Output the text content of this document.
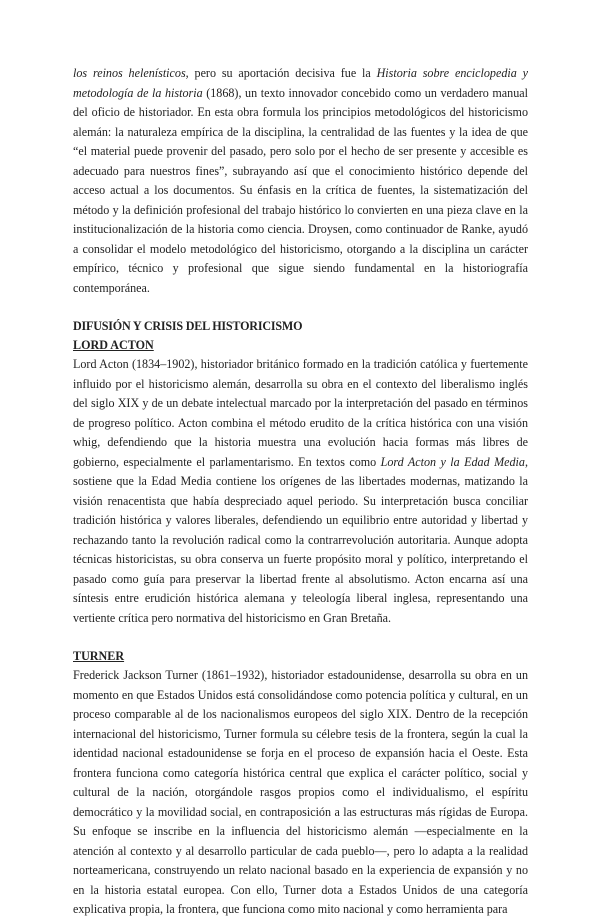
los reinos helenísticos, pero su aportación decisiva fue la Historia sobre enciclopedia y metodología de la historia (1868), un texto innovador concebido como un verdadero manual del oficio de historiador. En esta obra formula los principios metodológicos del historicismo alemán: la naturaleza empírica de la disciplina, la centralidad de las fuentes y la idea de que “el material puede provenir del pasado, pero solo por el hecho de ser presente y accesible es adecuado para nuestros fines”, subrayando así que el conocimiento histórico depende del acceso actual a los documentos. Su énfasis en la crítica de fuentes, la sistematización del método y la definición profesional del trabajo histórico lo convierten en una pieza clave en la institucionalización de la historia como ciencia. Droysen, como continuador de Ranke, ayudó a consolidar el modelo metodológico del historicismo, otorgando a la disciplina un carácter empírico, técnico y profesional que sigue siendo fundamental en la historiografía contemporánea.

DIFUSIÓN Y CRISIS DEL HISTORICISMO
LORD ACTON

Lord Acton (1834–1902), historiador británico formado en la tradición católica y fuertemente influido por el historicismo alemán, desarrolla su obra en el contexto del liberalismo inglés del siglo XIX y de un debate intelectual marcado por la interpretación del pasado en términos de progreso político. Acton combina el método erudito de la crítica histórica con una visión whig, defendiendo que la historia muestra una evolución hacia formas más libres de gobierno, especialmente el parlamentarismo. En textos como Lord Acton y la Edad Media, sostiene que la Edad Media contiene los orígenes de las libertades modernas, matizando la visión renacentista que había despreciado aquel periodo. Su interpretación busca conciliar tradición histórica y valores liberales, defendiendo un equilibrio entre autoridad y libertad y rechazando tanto la revolución radical como la contrarrevolución autoritaria. Aunque adopta técnicas historicistas, su obra conserva un fuerte propósito moral y político, interpretando el pasado como guía para preservar la libertad frente al absolutismo. Acton encarna así una síntesis entre erudición histórica alemana y teleología liberal inglesa, representando una vertiente crítica pero normativa del historicismo en Gran Bretaña.

TURNER

Frederick Jackson Turner (1861–1932), historiador estadounidense, desarrolla su obra en un momento en que Estados Unidos está consolidándose como potencia política y cultural, en un proceso comparable al de los nacionalismos europeos del siglo XIX. Dentro de la recepción internacional del historicismo, Turner formula su célebre tesis de la frontera, según la cual la identidad nacional estadounidense se forja en el proceso de expansión hacia el Oeste. Esta frontera funciona como categoría histórica central que explica el carácter político, social y cultural de la nación, otorgándole rasgos propios como el individualismo, el espíritu democrático y la movilidad social, en contraposición a las estructuras más rígidas de Europa. Su enfoque se inscribe en la influencia del historicismo alemán —especialmente en la atención al contexto y al desarrollo particular de cada pueblo—, pero lo adapta a la realidad norteamericana, construyendo un relato nacional basado en la experiencia de expansión y no en la historia estatal europea. Con ello, Turner dota a Estados Unidos de una categoría explicativa propia, la frontera, que funciona como mito nacional y como herramienta para
